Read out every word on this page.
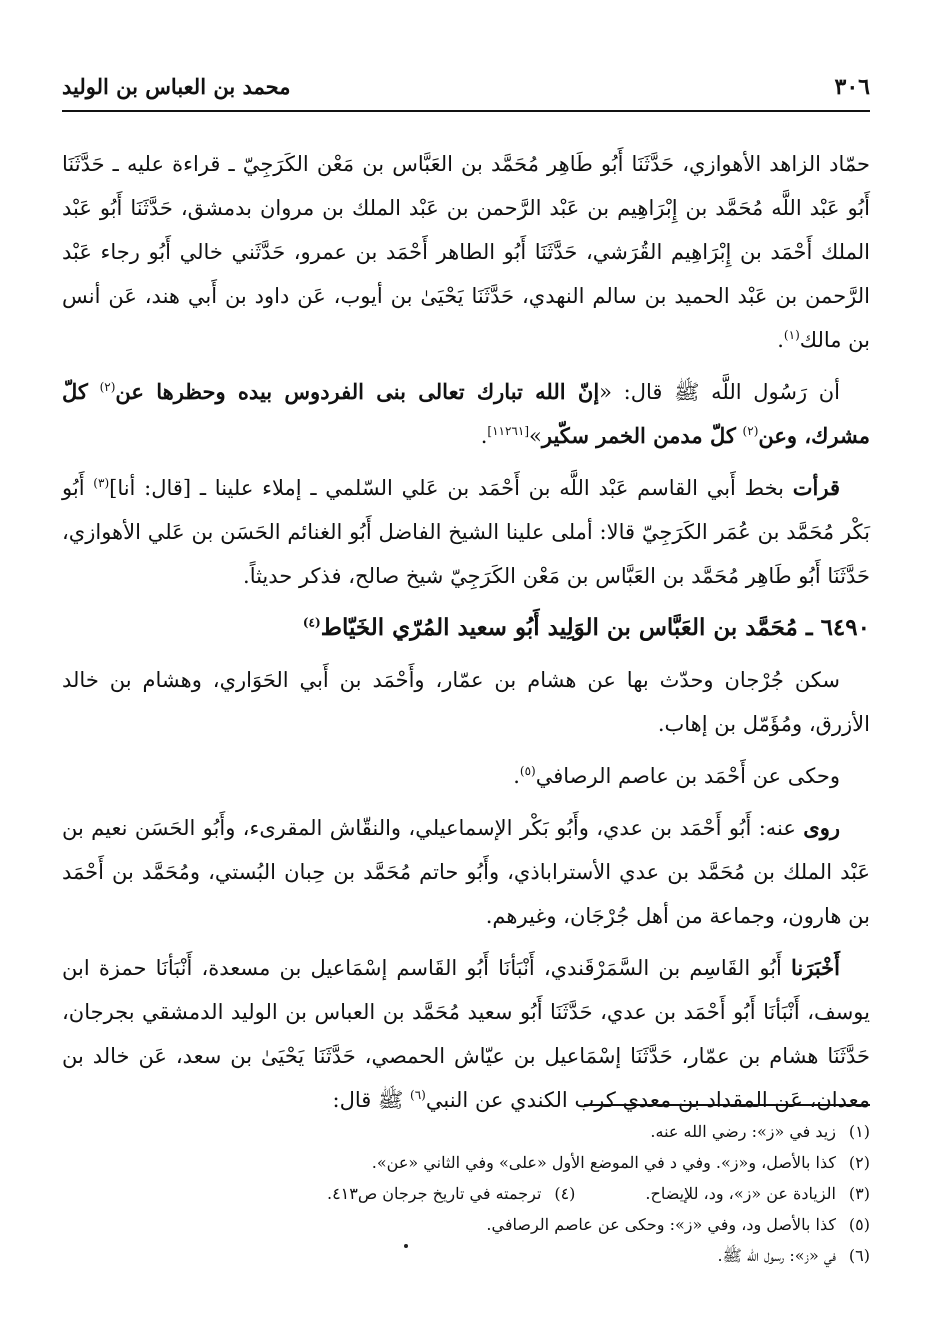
٣٠٦
محمد بن العباس بن الوليد

حمّاد الزاهد الأهوازي، حَدَّثَنَا أَبُو طَاهِر مُحَمَّد بن العَبَّاس بن مَعْن الكَرَجِيّ ـ قراءة عليه ـ حَدَّثَنَا أَبُو عَبْد اللَّه مُحَمَّد بن إِبْرَاهِيم بن عَبْد الرَّحمن بن عَبْد الملك بن مروان بدمشق، حَدَّثَنَا أَبُو عَبْد الملك أَحْمَد بن إِبْرَاهِيم القُرَشي، حَدَّثَنَا أَبُو الطاهر أَحْمَد بن عمرو، حَدَّثَني خالي أَبُو رجاء عَبْد الرَّحمن بن عَبْد الحميد بن سالم النهدي، حَدَّثَنَا يَحْيَىٰ بن أيوب، عَن داود بن أَبي هند، عَن أنس بن مالك$^{(١)}$.

أن رَسُول اللَّه ﷺ قال: «إنّ الله تبارك تعالى بنى الفردوس بيده وحظرها عن$^{(٢)}$ كلّ مشرك، وعن$^{(٢)}$ كلّ مدمن الخمر سكّير»[١١٢٦١].

قرأت بخط أَبي القاسم عَبْد اللَّه بن أَحْمَد بن عَلي السّلمي ـ إملاء علينا ـ [قال: أنا]$^{(٣)}$ أَبُو بَكْر مُحَمَّد بن عُمَر الكَرَجِيّ قالا: أملى علينا الشيخ الفاضل أَبُو الغنائم الحَسَن بن عَلي الأهوازي، حَدَّثَنَا أَبُو طَاهِر مُحَمَّد بن العَبَّاس بن مَعْن الكَرَجِيّ شيخ صالح، فذكر حديثاً.

٦٤٩٠ ـ مُحَمَّد بن العَبَّاس بن الوَلِيد أَبُو سعيد المُرّي الخَيّاط$^{(٤)}$

سكن جُرْجان وحدّث بها عن هشام بن عمّار، وأَحْمَد بن أَبي الحَوَاري، وهشام بن خالد الأزرق، ومُؤَمّل بن إهاب.

وحكى عن أَحْمَد بن عاصم الرصافي$^{(٥)}$.

روى عنه: أَبُو أَحْمَد بن عدي، وأَبُو بَكْر الإسماعيلي، والنقّاش المقرىء، وأَبُو الحَسَن نعيم بن عَبْد الملك بن مُحَمَّد بن عدي الأستراباذي، وأَبُو حاتم مُحَمَّد بن حِبان البُستي، ومُحَمَّد بن أَحْمَد بن هارون، وجماعة من أهل جُرْجَان، وغيرهم.

أَخْبَرَنا أَبُو القَاسِم بن السَّمَرْقَندي، أَنْبَأنَا أَبُو القَاسم إسْمَاعيل بن مسعدة، أَنْبَأنَا حمزة ابن يوسف، أَنْبَأنَا أَبُو أَحْمَد بن عدي، حَدَّثَنَا أَبُو سعيد مُحَمَّد بن العباس بن الوليد الدمشقي بجرجان، حَدَّثَنَا هشام بن عمّار، حَدَّثَنَا إسْمَاعيل بن عيّاش الحمصي، حَدَّثَنَا يَحْيَىٰ بن سعد، عَن خالد بن معدان، عَن المقداد بن معدي كرب الكندي عن النبي$^{(٦)}$ ﷺ قال:

(١)زيد في «ز»: رضي الله عنه.
(٢)كذا بالأصل، و«ز». وفي د في الموضع الأول «على» وفي الثاني «عن».
(٣)الزيادة عن «ز»، ود، للإيضاح.(٤)ترجمته في تاريخ جرجان ص٤١٣.
(٥)كذا بالأصل ود، وفي «ز»: وحكى عن عاصم الرصافي.
(٦)في «ز»: رسول الله ﷺ.
